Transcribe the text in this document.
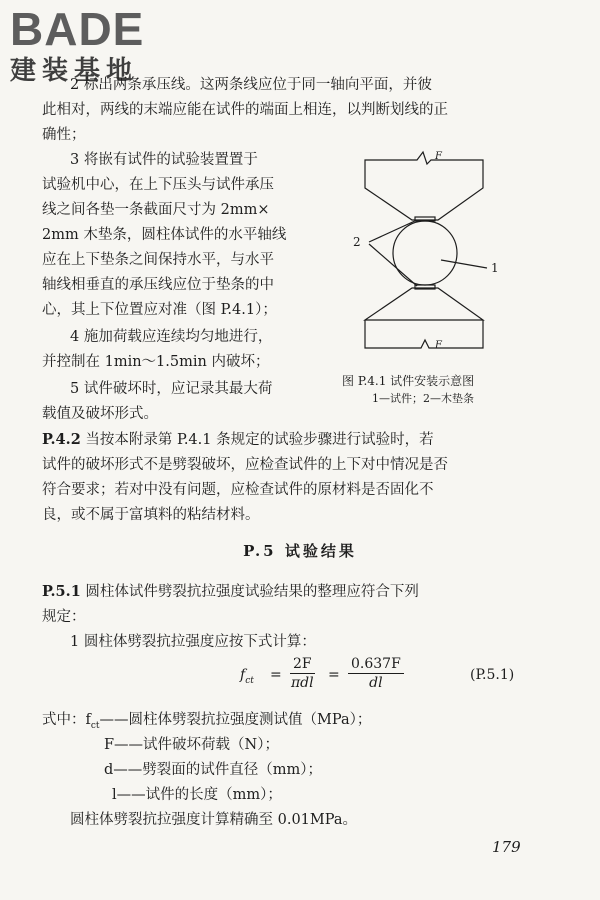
BADE
建装基地
2 标出两条承压线。这两条线应位于同一轴向平面，并彼
此相对，两线的末端应能在试件的端面上相连，以判断划线的正
确性；
3 将嵌有试件的试验装置置于
试验机中心，在上下压头与试件承压
线之间各垫一条截面尺寸为 2mm×
2mm 木垫条，圆柱体试件的水平轴线
应在上下垫条之间保持水平，与水平
轴线相垂直的承压线应位于垫条的中
心，其上下位置应对准（图 P.4.1）；
4 施加荷载应连续均匀地进行，
并控制在 1min～1.5min 内破坏；
5 试件破坏时，应记录其最大荷
载值及破坏形式。
F
F
2
1
图 P.4.1 试件安装示意图
1—试件；2—木垫条
P.4.2 当按本附录第 P.4.1 条规定的试验步骤进行试验时，若
试件的破坏形式不是劈裂破坏，应检查试件的上下对中情况是否
符合要求；若对中没有问题，应检查试件的原材料是否固化不
良，或不属于富填料的粘结材料。
P.5 试验结果
P.5.1 圆柱体试件劈裂抗拉强度试验结果的整理应符合下列
规定：
1 圆柱体劈裂抗拉强度应按下式计算：
$f_{ct}$ =
2F
$\pi dl = \frac{0.637F}{dl}$	(P.5.1)
式中：$f_{ct}——$圆柱体劈裂抗拉强度测试值（MPa）；
F——试件破坏荷载（N）；
d——劈裂面的试件直径（mm）；
l——试件的长度（mm）；
圆柱体劈裂抗拉强度计算精确至 0.01MPa。
179
